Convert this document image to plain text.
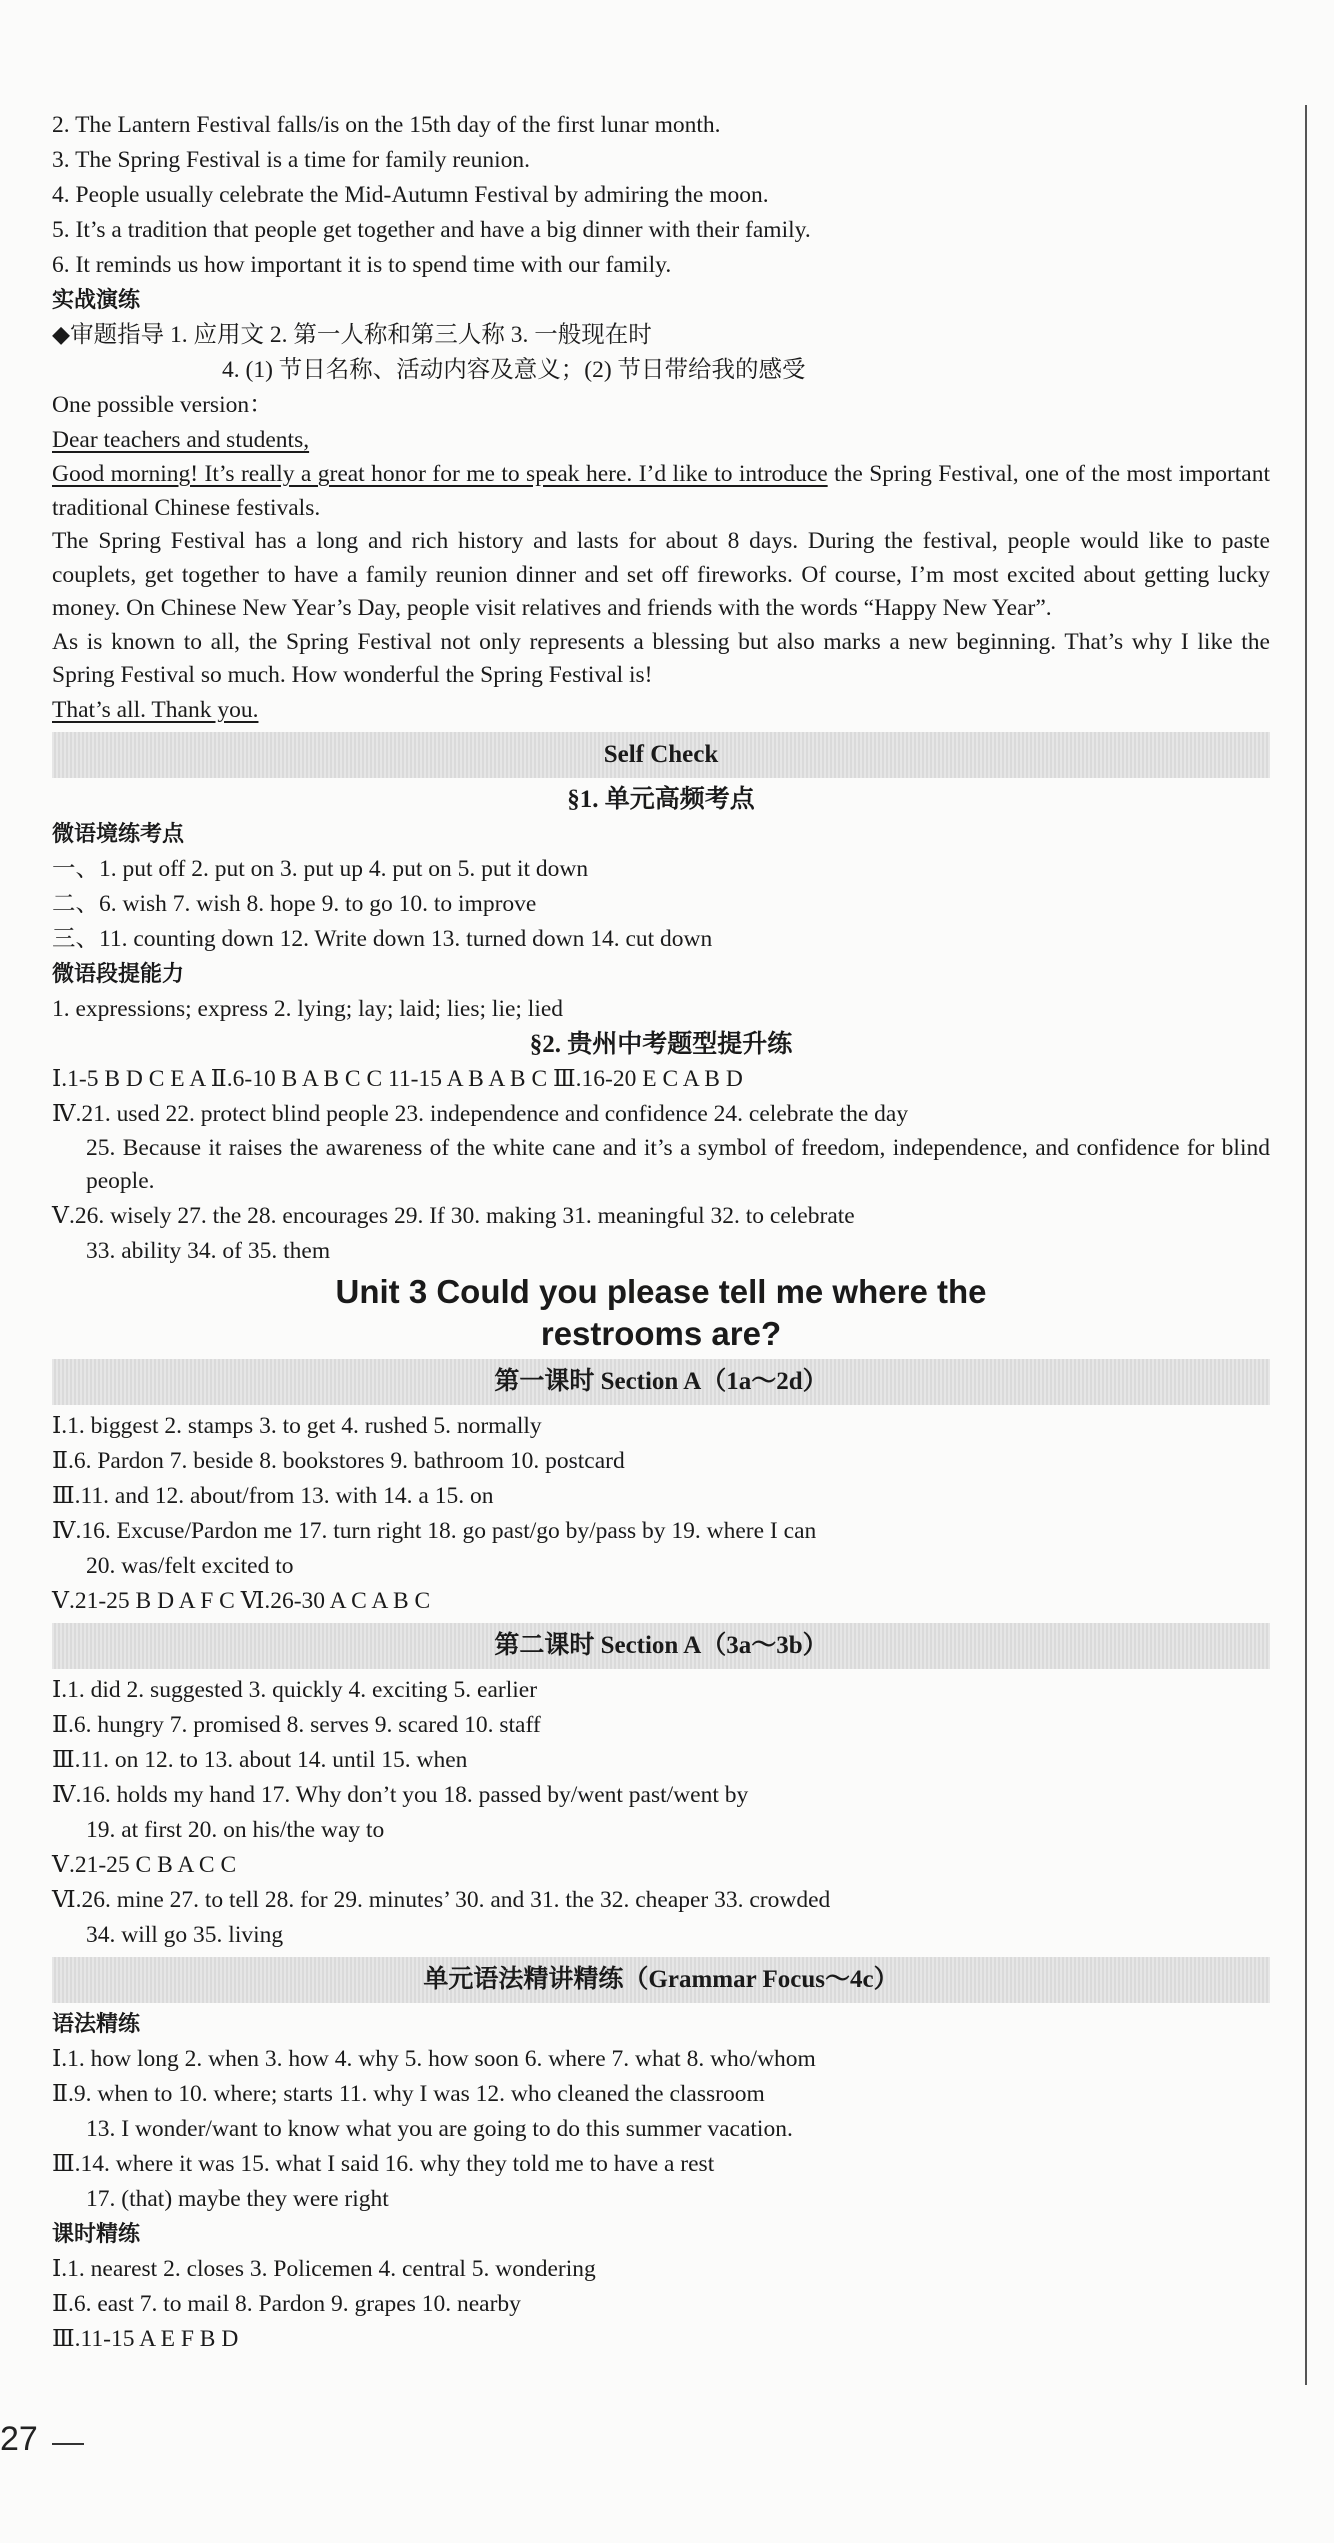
2. The Lantern Festival falls/is on the 15th day of the first lunar month.
3. The Spring Festival is a time for family reunion.
4. People usually celebrate the Mid-Autumn Festival by admiring the moon.
5. It’s a tradition that people get together and have a big dinner with their family.
6. It reminds us how important it is to spend time with our family.
实战演练
◆审题指导 1. 应用文 2. 第一人称和第三人称 3. 一般现在时
4. (1) 节日名称、活动内容及意义；(2) 节日带给我的感受
One possible version：
Dear teachers and students,
Good morning! It’s really a great honor for me to speak here. I’d like to introduce the Spring Festival, one of the most important traditional Chinese festivals.
The Spring Festival has a long and rich history and lasts for about 8 days. During the festival, people would like to paste couplets, get together to have a family reunion dinner and set off fireworks. Of course, I’m most excited about getting lucky money. On Chinese New Year’s Day, people visit relatives and friends with the words “Happy New Year”.
As is known to all, the Spring Festival not only represents a blessing but also marks a new beginning. That’s why I like the Spring Festival so much. How wonderful the Spring Festival is!
That’s all. Thank you.
Self Check
§1. 单元高频考点
微语境练考点
一、1. put off 2. put on 3. put up 4. put on 5. put it down
二、6. wish 7. wish 8. hope 9. to go 10. to improve
三、11. counting down 12. Write down 13. turned down 14. cut down
微语段提能力
1. expressions; express 2. lying; lay; laid; lies; lie; lied
§2. 贵州中考题型提升练
Ⅰ.1-5 B D C E A Ⅱ.6-10 B A B C C 11-15 A B A B C Ⅲ.16-20 E C A B D
Ⅳ.21. used 22. protect blind people 23. independence and confidence 24. celebrate the day
25. Because it raises the awareness of the white cane and it’s a symbol of freedom, independence, and confidence for blind people.
Ⅴ.26. wisely 27. the 28. encourages 29. If 30. making 31. meaningful 32. to celebrate
33. ability 34. of 35. them
Unit 3 Could you please tell me where the
restrooms are?
第一课时 Section A（1a～2d）
Ⅰ.1. biggest 2. stamps 3. to get 4. rushed 5. normally
Ⅱ.6. Pardon 7. beside 8. bookstores 9. bathroom 10. postcard
Ⅲ.11. and 12. about/from 13. with 14. a 15. on
Ⅳ.16. Excuse/Pardon me 17. turn right 18. go past/go by/pass by 19. where I can
20. was/felt excited to
Ⅴ.21-25 B D A F C Ⅵ.26-30 A C A B C
第二课时 Section A（3a～3b）
Ⅰ.1. did 2. suggested 3. quickly 4. exciting 5. earlier
Ⅱ.6. hungry 7. promised 8. serves 9. scared 10. staff
Ⅲ.11. on 12. to 13. about 14. until 15. when
Ⅳ.16. holds my hand 17. Why don’t you 18. passed by/went past/went by
19. at first 20. on his/the way to
Ⅴ.21-25 C B A C C
Ⅵ.26. mine 27. to tell 28. for 29. minutes’ 30. and 31. the 32. cheaper 33. crowded
34. will go 35. living
单元语法精讲精练（Grammar Focus～4c）
语法精练
Ⅰ.1. how long 2. when 3. how 4. why 5. how soon 6. where 7. what 8. who/whom
Ⅱ.9. when to 10. where; starts 11. why I was 12. who cleaned the classroom
13. I wonder/want to know what you are going to do this summer vacation.
Ⅲ.14. where it was 15. what I said 16. why they told me to have a rest
17. (that) maybe they were right
课时精练
Ⅰ.1. nearest 2. closes 3. Policemen 4. central 5. wondering
Ⅱ.6. east 7. to mail 8. Pardon 9. grapes 10. nearby
Ⅲ.11-15 A E F B D
27
